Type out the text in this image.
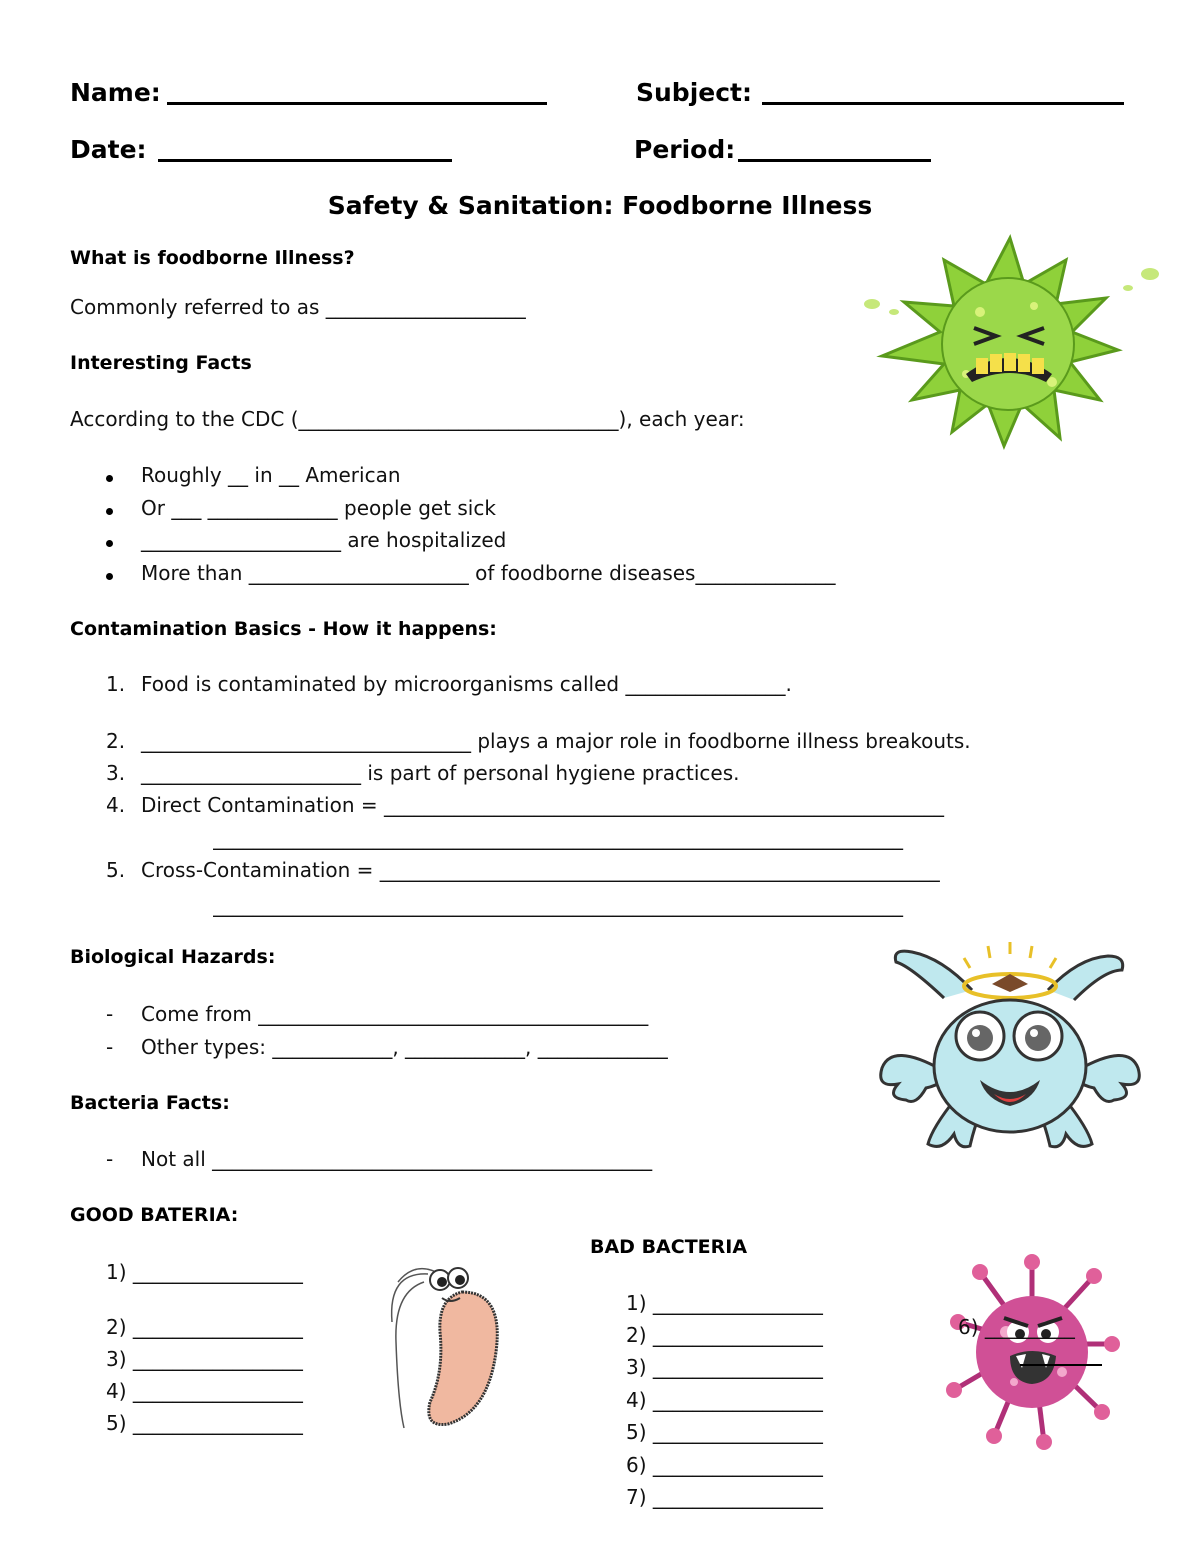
Name:	Subject:
Date:	Period:
Safety & Sanitation: Foodborne Illness
What is foodborne Illness?
Commonly referred to as ____________________
Interesting Facts
According to the CDC (________________________________), each year:
Roughly __ in __ American
Or ___ _____________ people get sick
____________________ are hospitalized
More than ______________________ of foodborne diseases______________
Contamination Basics - How it happens:
1. Food is contaminated by microorganisms called ________________.
2. _________________________________ plays a major role in foodborne illness breakouts.
3. ______________________ is part of personal hygiene practices.
4. Direct Contamination = ________________________________________________________
_____________________________________________________________________
5. Cross-Contamination = ________________________________________________________
_____________________________________________________________________
Biological Hazards:
- Come from _______________________________________
- Other types: ____________, ____________, _____________
Bacteria Facts:
- Not all ____________________________________________
GOOD BATERIA:
1) _________________
2) _________________
3) _________________
4) _________________
5) _________________
BAD BACTERIA
1) _________________
2) _________________
3) _________________
4) _________________
5) _________________
6) _________________
7) _________________
6) _________
